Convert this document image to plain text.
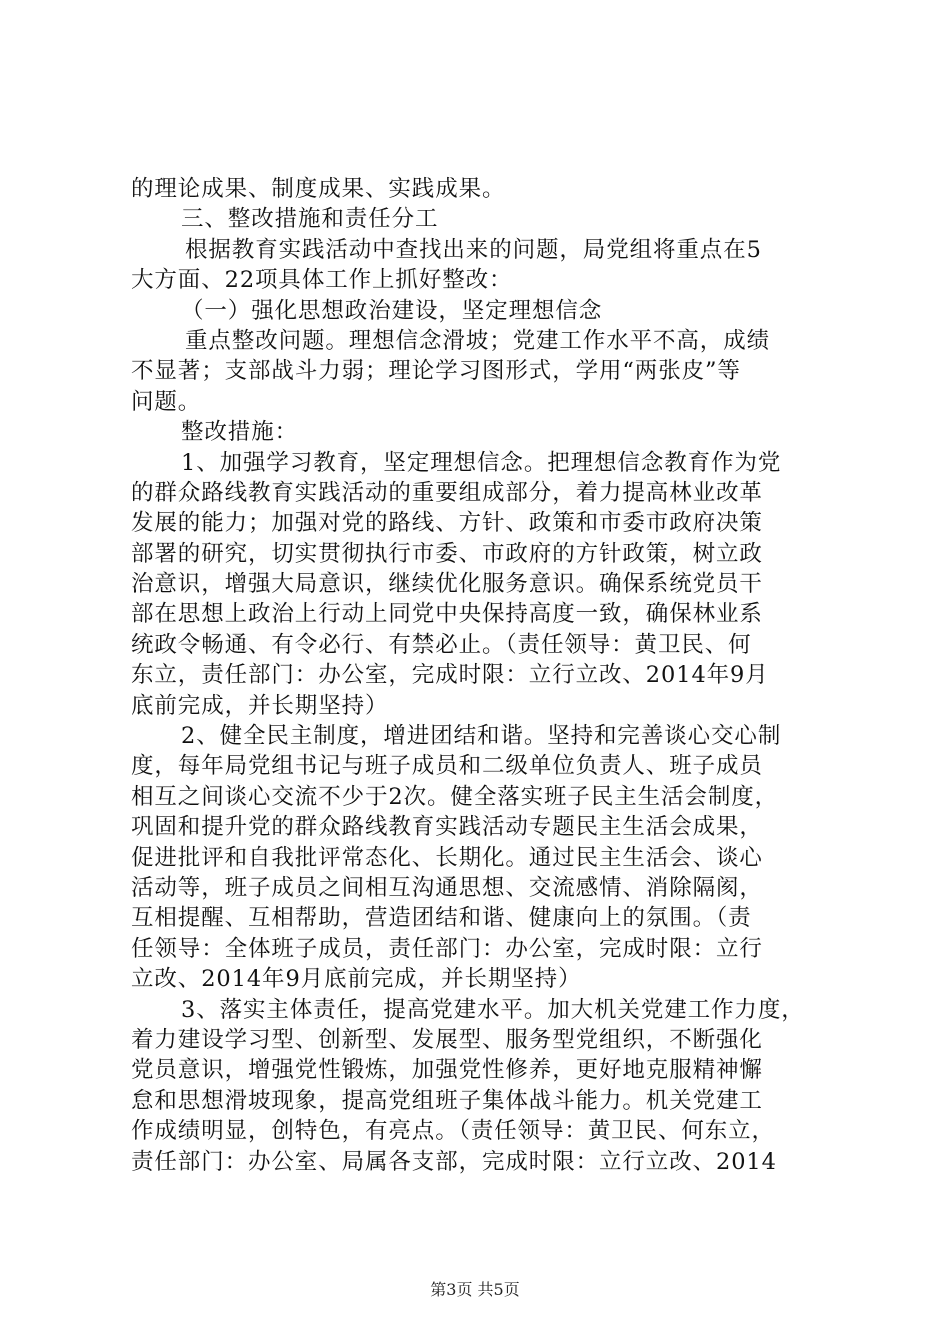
的理论成果、制度成果、实践成果。
三、整改措施和责任分工
根据教育实践活动中查找出来的问题，局党组将重点在5
大方面、22项具体工作上抓好整改：
（一）强化思想政治建设，坚定理想信念
重点整改问题。理想信念滑坡；党建工作水平不高，成绩
不显著；支部战斗力弱；理论学习图形式，学用“两张皮”等
问题。
整改措施：
1、加强学习教育，坚定理想信念。把理想信念教育作为党
的群众路线教育实践活动的重要组成部分，着力提高林业改革
发展的能力；加强对党的路线、方针、政策和市委市政府决策
部署的研究，切实贯彻执行市委、市政府的方针政策，树立政
治意识，增强大局意识，继续优化服务意识。确保系统党员干
部在思想上政治上行动上同党中央保持高度一致，确保林业系
统政令畅通、有令必行、有禁必止。（责任领导：黄卫民、何
东立，责任部门：办公室，完成时限：立行立改、2014年9月
底前完成，并长期坚持）
2、健全民主制度，增进团结和谐。坚持和完善谈心交心制
度，每年局党组书记与班子成员和二级单位负责人、班子成员
相互之间谈心交流不少于2次。健全落实班子民主生活会制度，
巩固和提升党的群众路线教育实践活动专题民主生活会成果，
促进批评和自我批评常态化、长期化。通过民主生活会、谈心
活动等，班子成员之间相互沟通思想、交流感情、消除隔阂，
互相提醒、互相帮助，营造团结和谐、健康向上的氛围。（责
任领导：全体班子成员，责任部门：办公室，完成时限：立行
立改、2014年9月底前完成，并长期坚持）
3、落实主体责任，提高党建水平。加大机关党建工作力度，
着力建设学习型、创新型、发展型、服务型党组织，不断强化
党员意识，增强党性锻炼，加强党性修养，更好地克服精神懈
怠和思想滑坡现象，提高党组班子集体战斗能力。机关党建工
作成绩明显，创特色，有亮点。（责任领导：黄卫民、何东立，
责任部门：办公室、局属各支部，完成时限：立行立改、2014
第3页 共5页
